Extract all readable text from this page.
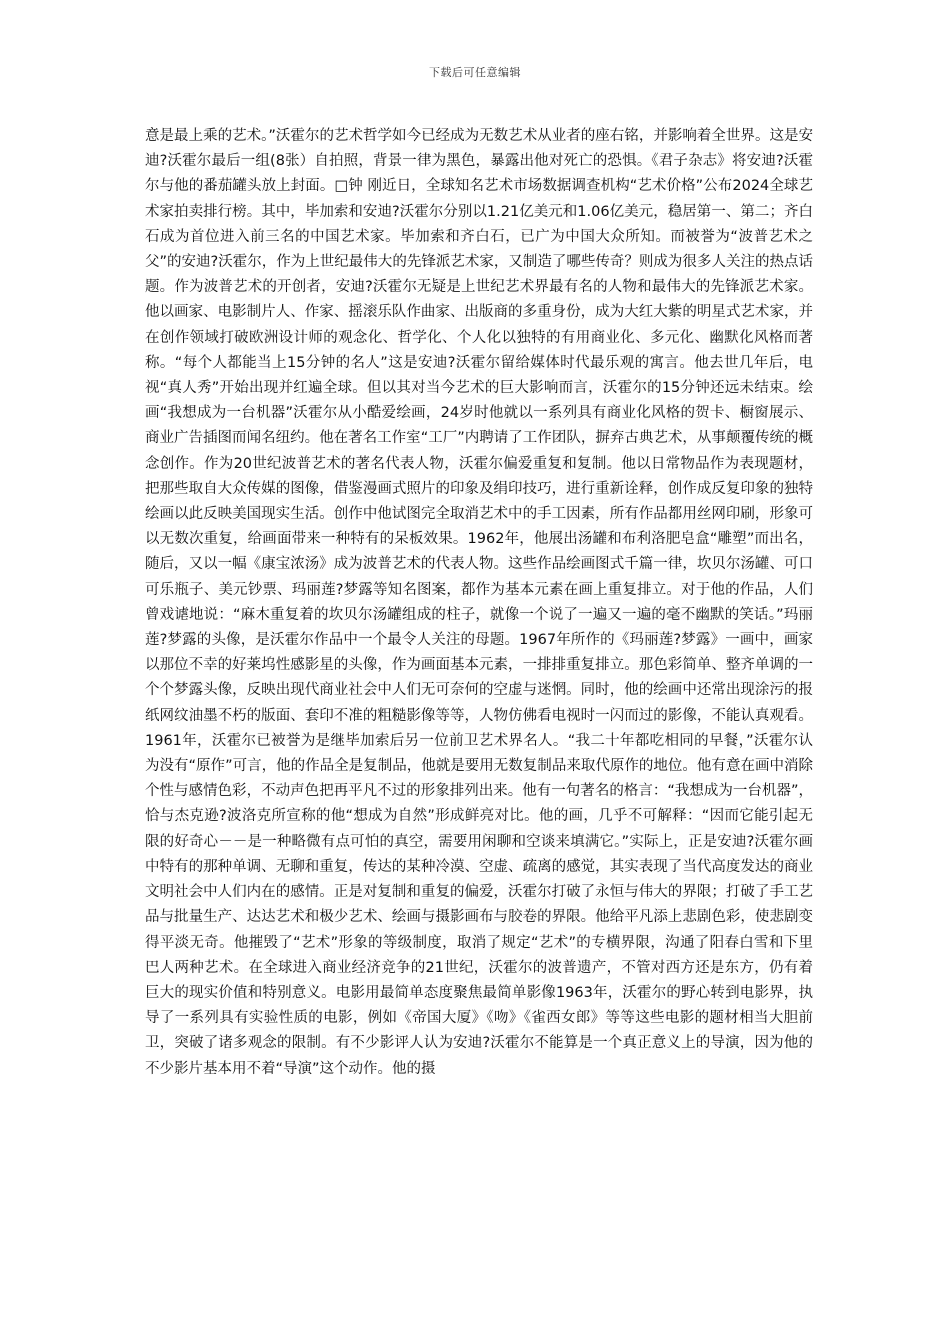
下载后可任意编辑

意是最上乘的艺术。”沃霍尔的艺术哲学如今已经成为无数艺术从业者的座右铭，并影响着全世界。这是安迪?沃霍尔最后一组(8张）自拍照，背景一律为黑色，暴露出他对死亡的恐惧。《君子杂志》将安迪?沃霍尔与他的番茄罐头放上封面。□钟 刚近日，全球知名艺术市场数据调查机构“艺术价格”公布2024全球艺术家拍卖排行榜。其中，毕加索和安迪?沃霍尔分别以1.21亿美元和1.06亿美元，稳居第一、第二；齐白石成为首位进入前三名的中国艺术家。毕加索和齐白石，已广为中国大众所知。而被誉为“波普艺术之父”的安迪?沃霍尔，作为上世纪最伟大的先锋派艺术家，又制造了哪些传奇？则成为很多人关注的热点话题。作为波普艺术的开创者，安迪?沃霍尔无疑是上世纪艺术界最有名的人物和最伟大的先锋派艺术家。他以画家、电影制片人、作家、摇滚乐队作曲家、出版商的多重身份，成为大红大紫的明星式艺术家，并在创作领域打破欧洲设计师的观念化、哲学化、个人化以独特的有用商业化、多元化、幽默化风格而著称。“每个人都能当上15分钟的名人”这是安迪?沃霍尔留给媒体时代最乐观的寓言。他去世几年后，电视“真人秀”开始出现并红遍全球。但以其对当今艺术的巨大影响而言，沃霍尔的15分钟还远未结束。绘画“我想成为一台机器”沃霍尔从小酷爱绘画，24岁时他就以一系列具有商业化风格的贺卡、橱窗展示、商业广告插图而闻名纽约。他在著名工作室“工厂”内聘请了工作团队，摒弃古典艺术，从事颠覆传统的概念创作。作为20世纪波普艺术的著名代表人物，沃霍尔偏爱重复和复制。他以日常物品作为表现题材，把那些取自大众传媒的图像，借鉴漫画式照片的印象及绢印技巧，进行重新诠释，创作成反复印象的独特绘画以此反映美国现实生活。创作中他试图完全取消艺术中的手工因素，所有作品都用丝网印刷，形象可以无数次重复，给画面带来一种特有的呆板效果。1962年，他展出汤罐和布利洛肥皂盒“雕塑”而出名，随后，又以一幅《康宝浓汤》成为波普艺术的代表人物。这些作品绘画图式千篇一律，坎贝尔汤罐、可口可乐瓶子、美元钞票、玛丽莲?梦露等知名图案，都作为基本元素在画上重复排立。对于他的作品，人们曾戏谑地说：“麻木重复着的坎贝尔汤罐组成的柱子，就像一个说了一遍又一遍的毫不幽默的笑话。”玛丽莲?梦露的头像，是沃霍尔作品中一个最令人关注的母题。1967年所作的《玛丽莲?梦露》一画中，画家以那位不幸的好莱坞性感影星的头像，作为画面基本元素，一排排重复排立。那色彩简单、整齐单调的一个个梦露头像，反映出现代商业社会中人们无可奈何的空虚与迷惘。同时，他的绘画中还常出现涂污的报纸网纹油墨不朽的版面、套印不准的粗糙影像等等，人物仿佛看电视时一闪而过的影像，不能认真观看。1961年，沃霍尔已被誉为是继毕加索后另一位前卫艺术界名人。“我二十年都吃相同的早餐，”沃霍尔认为没有“原作”可言，他的作品全是复制品，他就是要用无数复制品来取代原作的地位。他有意在画中消除个性与感情色彩，不动声色把再平凡不过的形象排列出来。他有一句著名的格言：“我想成为一台机器”，恰与杰克逊?波洛克所宣称的他“想成为自然”形成鲜亮对比。他的画，几乎不可解释：“因而它能引起无限的好奇心－－是一种略微有点可怕的真空，需要用闲聊和空谈来填满它。”实际上，正是安迪?沃霍尔画中特有的那种单调、无聊和重复，传达的某种冷漠、空虚、疏离的感觉，其实表现了当代高度发达的商业文明社会中人们内在的感情。正是对复制和重复的偏爱，沃霍尔打破了永恒与伟大的界限；打破了手工艺品与批量生产、达达艺术和极少艺术、绘画与摄影画布与胶卷的界限。他给平凡添上悲剧色彩，使悲剧变得平淡无奇。他摧毁了“艺术”形象的等级制度，取消了规定“艺术”的专横界限，沟通了阳春白雪和下里巴人两种艺术。在全球进入商业经济竞争的21世纪，沃霍尔的波普遗产，不管对西方还是东方，仍有着巨大的现实价值和特别意义。电影用最简单态度聚焦最简单影像1963年，沃霍尔的野心转到电影界，执导了一系列具有实验性质的电影，例如《帝国大厦》《吻》《雀西女郎》等等这些电影的题材相当大胆前卫，突破了诸多观念的限制。有不少影评人认为安迪?沃霍尔不能算是一个真正意义上的导演，因为他的不少影片基本用不着“导演”这个动作。他的摄
